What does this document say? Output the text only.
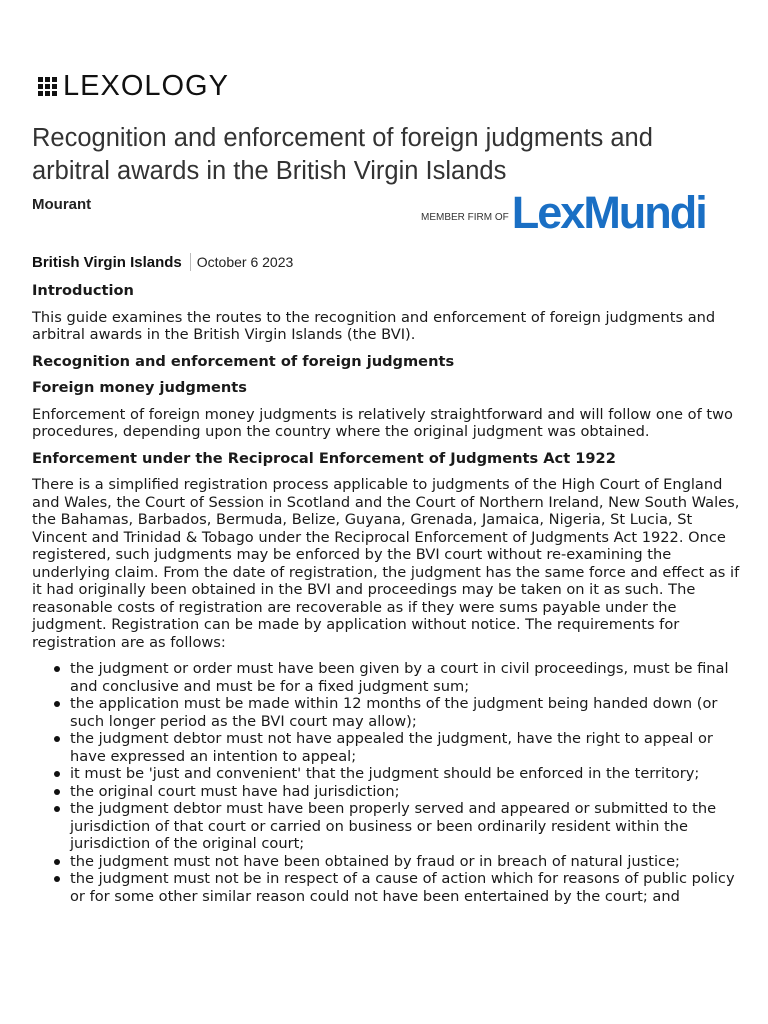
LEXOLOGY
Recognition and enforcement of foreign judgments and arbitral awards in the British Virgin Islands
Mourant
MEMBER FIRM OF LexMundi
British Virgin Islands October 6 2023
Introduction

This guide examines the routes to the recognition and enforcement of foreign judgments and arbitral awards in the British Virgin Islands (the BVI).

Recognition and enforcement of foreign judgments
Foreign money judgments

Enforcement of foreign money judgments is relatively straightforward and will follow one of two procedures, depending upon the country where the original judgment was obtained.

Enforcement under the Reciprocal Enforcement of Judgments Act 1922

There is a simplified registration process applicable to judgments of the High Court of England and Wales, the Court of Session in Scotland and the Court of Northern Ireland, New South Wales, the Bahamas, Barbados, Bermuda, Belize, Guyana, Grenada, Jamaica, Nigeria, St Lucia, St Vincent and Trinidad & Tobago under the Reciprocal Enforcement of Judgments Act 1922. Once registered, such judgments may be enforced by the BVI court without re-examining the underlying claim. From the date of registration, the judgment has the same force and effect as if it had originally been obtained in the BVI and proceedings may be taken on it as such. The reasonable costs of registration are recoverable as if they were sums payable under the judgment. Registration can be made by application without notice. The requirements for registration are as follows:

the judgment or order must have been given by a court in civil proceedings, must be final and conclusive and must be for a fixed judgment sum;
the application must be made within 12 months of the judgment being handed down (or such longer period as the BVI court may allow);
the judgment debtor must not have appealed the judgment, have the right to appeal or have expressed an intention to appeal;
it must be 'just and convenient' that the judgment should be enforced in the territory;
the original court must have had jurisdiction;
the judgment debtor must have been properly served and appeared or submitted to the jurisdiction of that court or carried on business or been ordinarily resident within the jurisdiction of the original court;
the judgment must not have been obtained by fraud or in breach of natural justice;
the judgment must not be in respect of a cause of action which for reasons of public policy or for some other similar reason could not have been entertained by the court; and
